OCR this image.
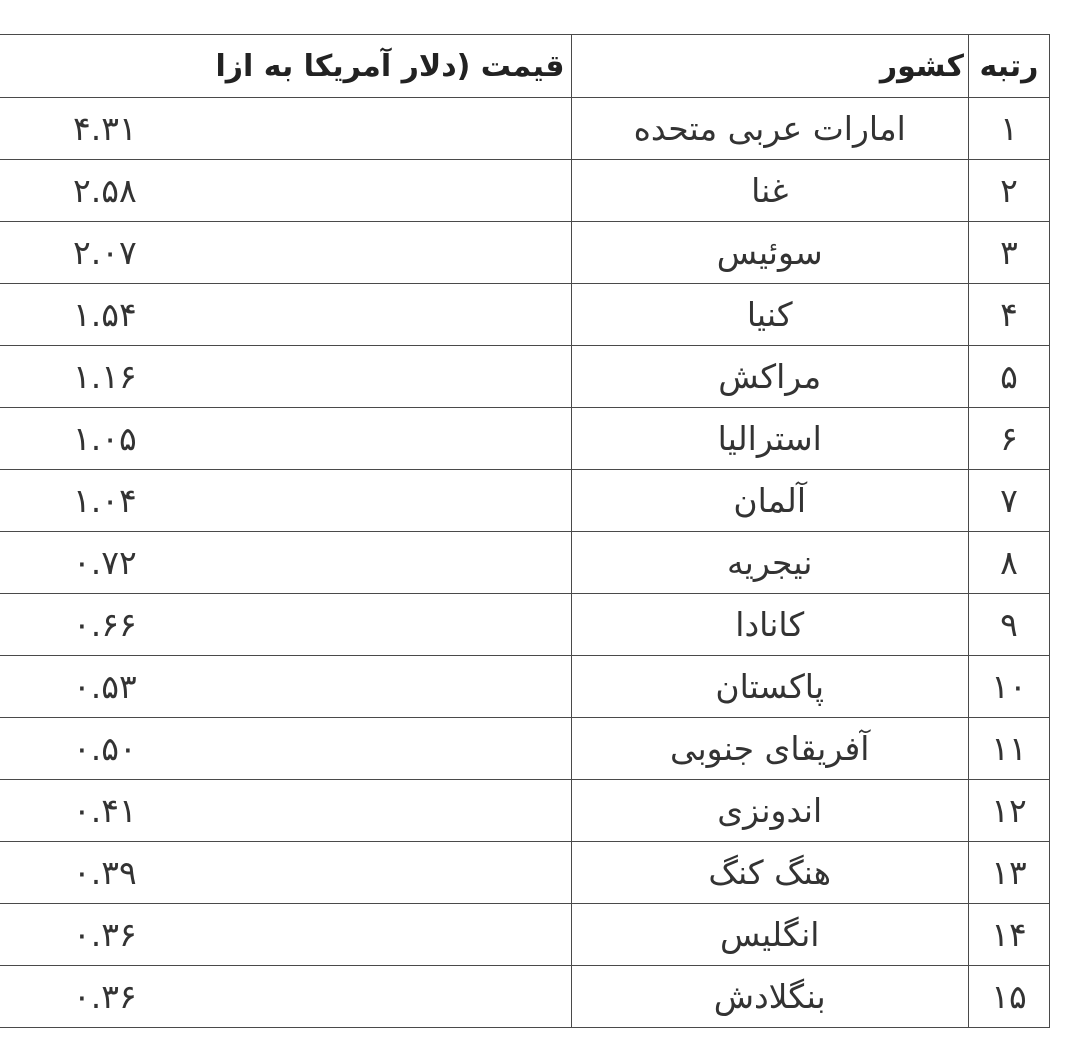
قیمت (دلار آمریکا به ازا	کشور	رتبه
۴.۳۱	امارات عربی متحده	۱
۲.۵۸	غنا	۲
۲.۰۷	سوئیس	۳
۱.۵۴	کنیا	۴
۱.۱۶	مراکش	۵
۱.۰۵	استرالیا	۶
۱.۰۴	آلمان	۷
۰.۷۲	نیجریه	۸
۰.۶۶	کانادا	۹
۰.۵۳	پاکستان	۱۰
۰.۵۰	آفریقای جنوبی	۱۱
۰.۴۱	اندونزی	۱۲
۰.۳۹	هنگ کنگ	۱۳
۰.۳۶	انگلیس	۱۴
۰.۳۶	بنگلادش	۱۵
